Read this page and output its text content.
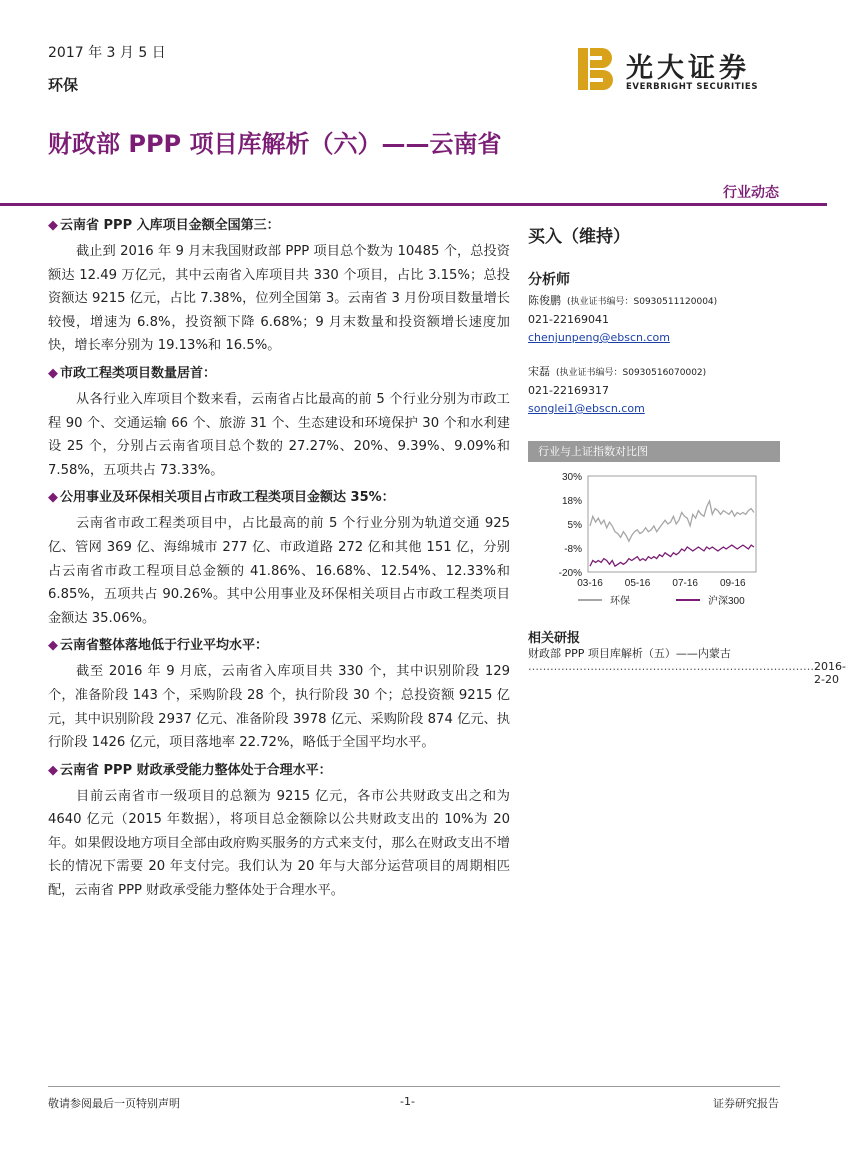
2017 年 3 月 5 日
环保
光大证券
EVERBRIGHT SECURITIES
财政部 PPP 项目库解析（六）——云南省
行业动态
◆ 云南省 PPP 入库项目金额全国第三：

截止到 2016 年 9 月末我国财政部 PPP 项目总个数为 10485 个，总投资额达 12.49 万亿元，其中云南省入库项目共 330 个项目，占比 3.15%；总投资额达 9215 亿元，占比 7.38%，位列全国第 3。云南省 3 月份项目数量增长较慢，增速为 6.8%，投资额下降 6.68%；9 月末数量和投资额增长速度加快，增长率分别为 19.13%和 16.5%。

◆ 市政工程类项目数量居首：

从各行业入库项目个数来看，云南省占比最高的前 5 个行业分别为市政工程 90 个、交通运输 66 个、旅游 31 个、生态建设和环境保护 30 个和水利建设 25 个，分别占云南省项目总个数的 27.27%、20%、9.39%、9.09%和 7.58%，五项共占 73.33%。

◆ 公用事业及环保相关项目占市政工程类项目金额达 35%：

云南省市政工程类项目中，占比最高的前 5 个行业分别为轨道交通 925 亿、管网 369 亿、海绵城市 277 亿、市政道路 272 亿和其他 151 亿，分别占云南省市政工程项目总金额的 41.86%、16.68%、12.54%、12.33%和 6.85%，五项共占 90.26%。其中公用事业及环保相关项目占市政工程类项目金额达 35.06%。

◆ 云南省整体落地低于行业平均水平：

截至 2016 年 9 月底，云南省入库项目共 330 个，其中识别阶段 129 个，准备阶段 143 个，采购阶段 28 个，执行阶段 30 个；总投资额 9215 亿元，其中识别阶段 2937 亿元、准备阶段 3978 亿元、采购阶段 874 亿元、执行阶段 1426 亿元，项目落地率 22.72%，略低于全国平均水平。

◆ 云南省 PPP 财政承受能力整体处于合理水平：

目前云南省市一级项目的总额为 9215 亿元，各市公共财政支出之和为 4640 亿元（2015 年数据），将项目总金额除以公共财政支出的 10%为 20 年。如果假设地方项目全部由政府购买服务的方式来支付，那么在财政支出不增长的情况下需要 20 年支付完。我们认为 20 年与大部分运营项目的周期相匹配，云南省 PPP 财政承受能力整体处于合理水平。

买入（维持）
分析师
陈俊鹏 (执业证书编号：S0930511120004)
021-22169041
chenjunpeng@ebscn.com
宋磊 (执业证书编号：S0930516070002)
021-22169317
songlei1@ebscn.com
行业与上证指数对比图
30%
18%
5%
-8%
-20%
03-16 05-16 07-16 09-16
环保	沪深300
相关研报
财政部 PPP 项目库解析（五）——内蒙古
…………………………………………………………………… 2016-2-20
敬请参阅最后一页特别声明	-1-	证券研究报告
